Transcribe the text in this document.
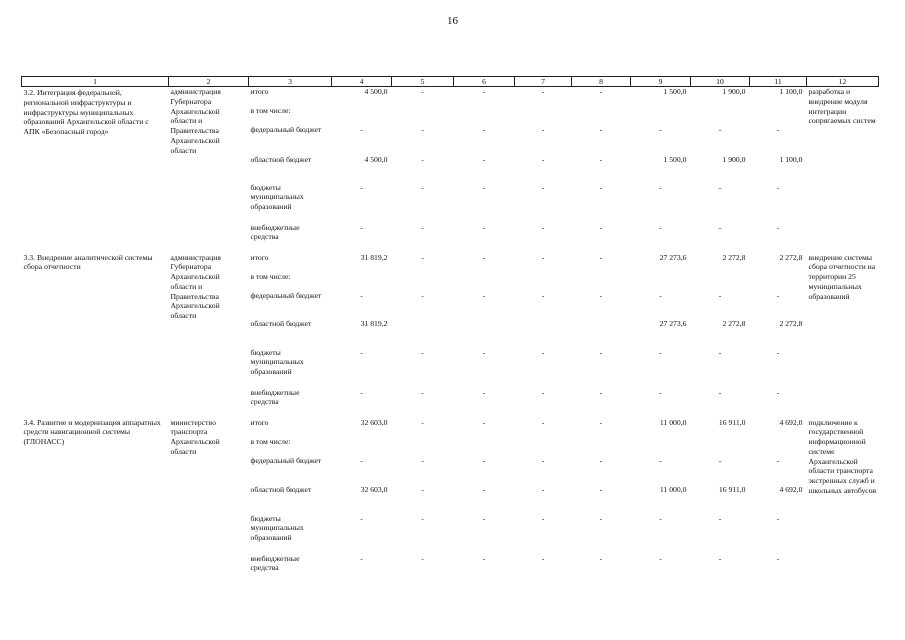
16
1	2	3	4	5	6	7	8	9	10	11	12
3.2. Интеграция федеральной, региональной инфраструктуры и инфраструктуры муниципальных образований Архангельской области с АПК «Безопасный город»	администрация Губернатора Архангельской области и Правительства Архангельской области	итого	4 500,0	-	-	-	-	1 500,0	1 900,0	1 100,0	разработка и внедрение модуля интеграции сопрягаемых систем
		в том числе:									
		федеральный бюджет	-	-	-	-	-	-	-	-	
		областной бюджет	4 500,0	-	-	-	-	1 500,0	1 900,0	1 100,0	
		бюджеты муниципальных образований	-	-	-	-	-	-	-	-	
		внебюджетные средства	-	-	-	-	-	-	-	-	
3.3. Внедрение аналитической системы сбора отчетности	администрация Губернатора Архангельской области и Правительства Архангельской области	итого	31 819,2	-	-	-	-	27 273,6	2 272,8	2 272,8	внедрение системы сбора отчетности на территории 25 муниципальных образований
		в том числе:									
		федеральный бюджет	-	-	-	-	-	-	-	-	
		областной бюджет	31 819,2					27 273,6	2 272,8	2 272,8	
		бюджеты муниципальных образований	-	-	-	-	-	-	-	-	
		внебюджетные средства	-	-	-	-	-	-	-	-	
3.4. Развитие и модернизация аппаратных средств навигационной системы (ГЛОНАСС)	министерство транспорта Архангельской области	итого	32 603,0	-	-	-	-	11 000,0	16 911,0	4 692,0	подключение к государственной информационной системе Архангельской области транспорта экстренных служб и школьных автобусов
		в том числе:									
		федеральный бюджет	-	-	-	-	-	-	-	-	
		областной бюджет	32 603,0	-	-	-	-	11 000,0	16 911,0	4 692,0	
		бюджеты муниципальных образований	-	-	-	-	-	-	-	-	
		внебюджетные средства	-	-	-	-	-	-	-	-	
